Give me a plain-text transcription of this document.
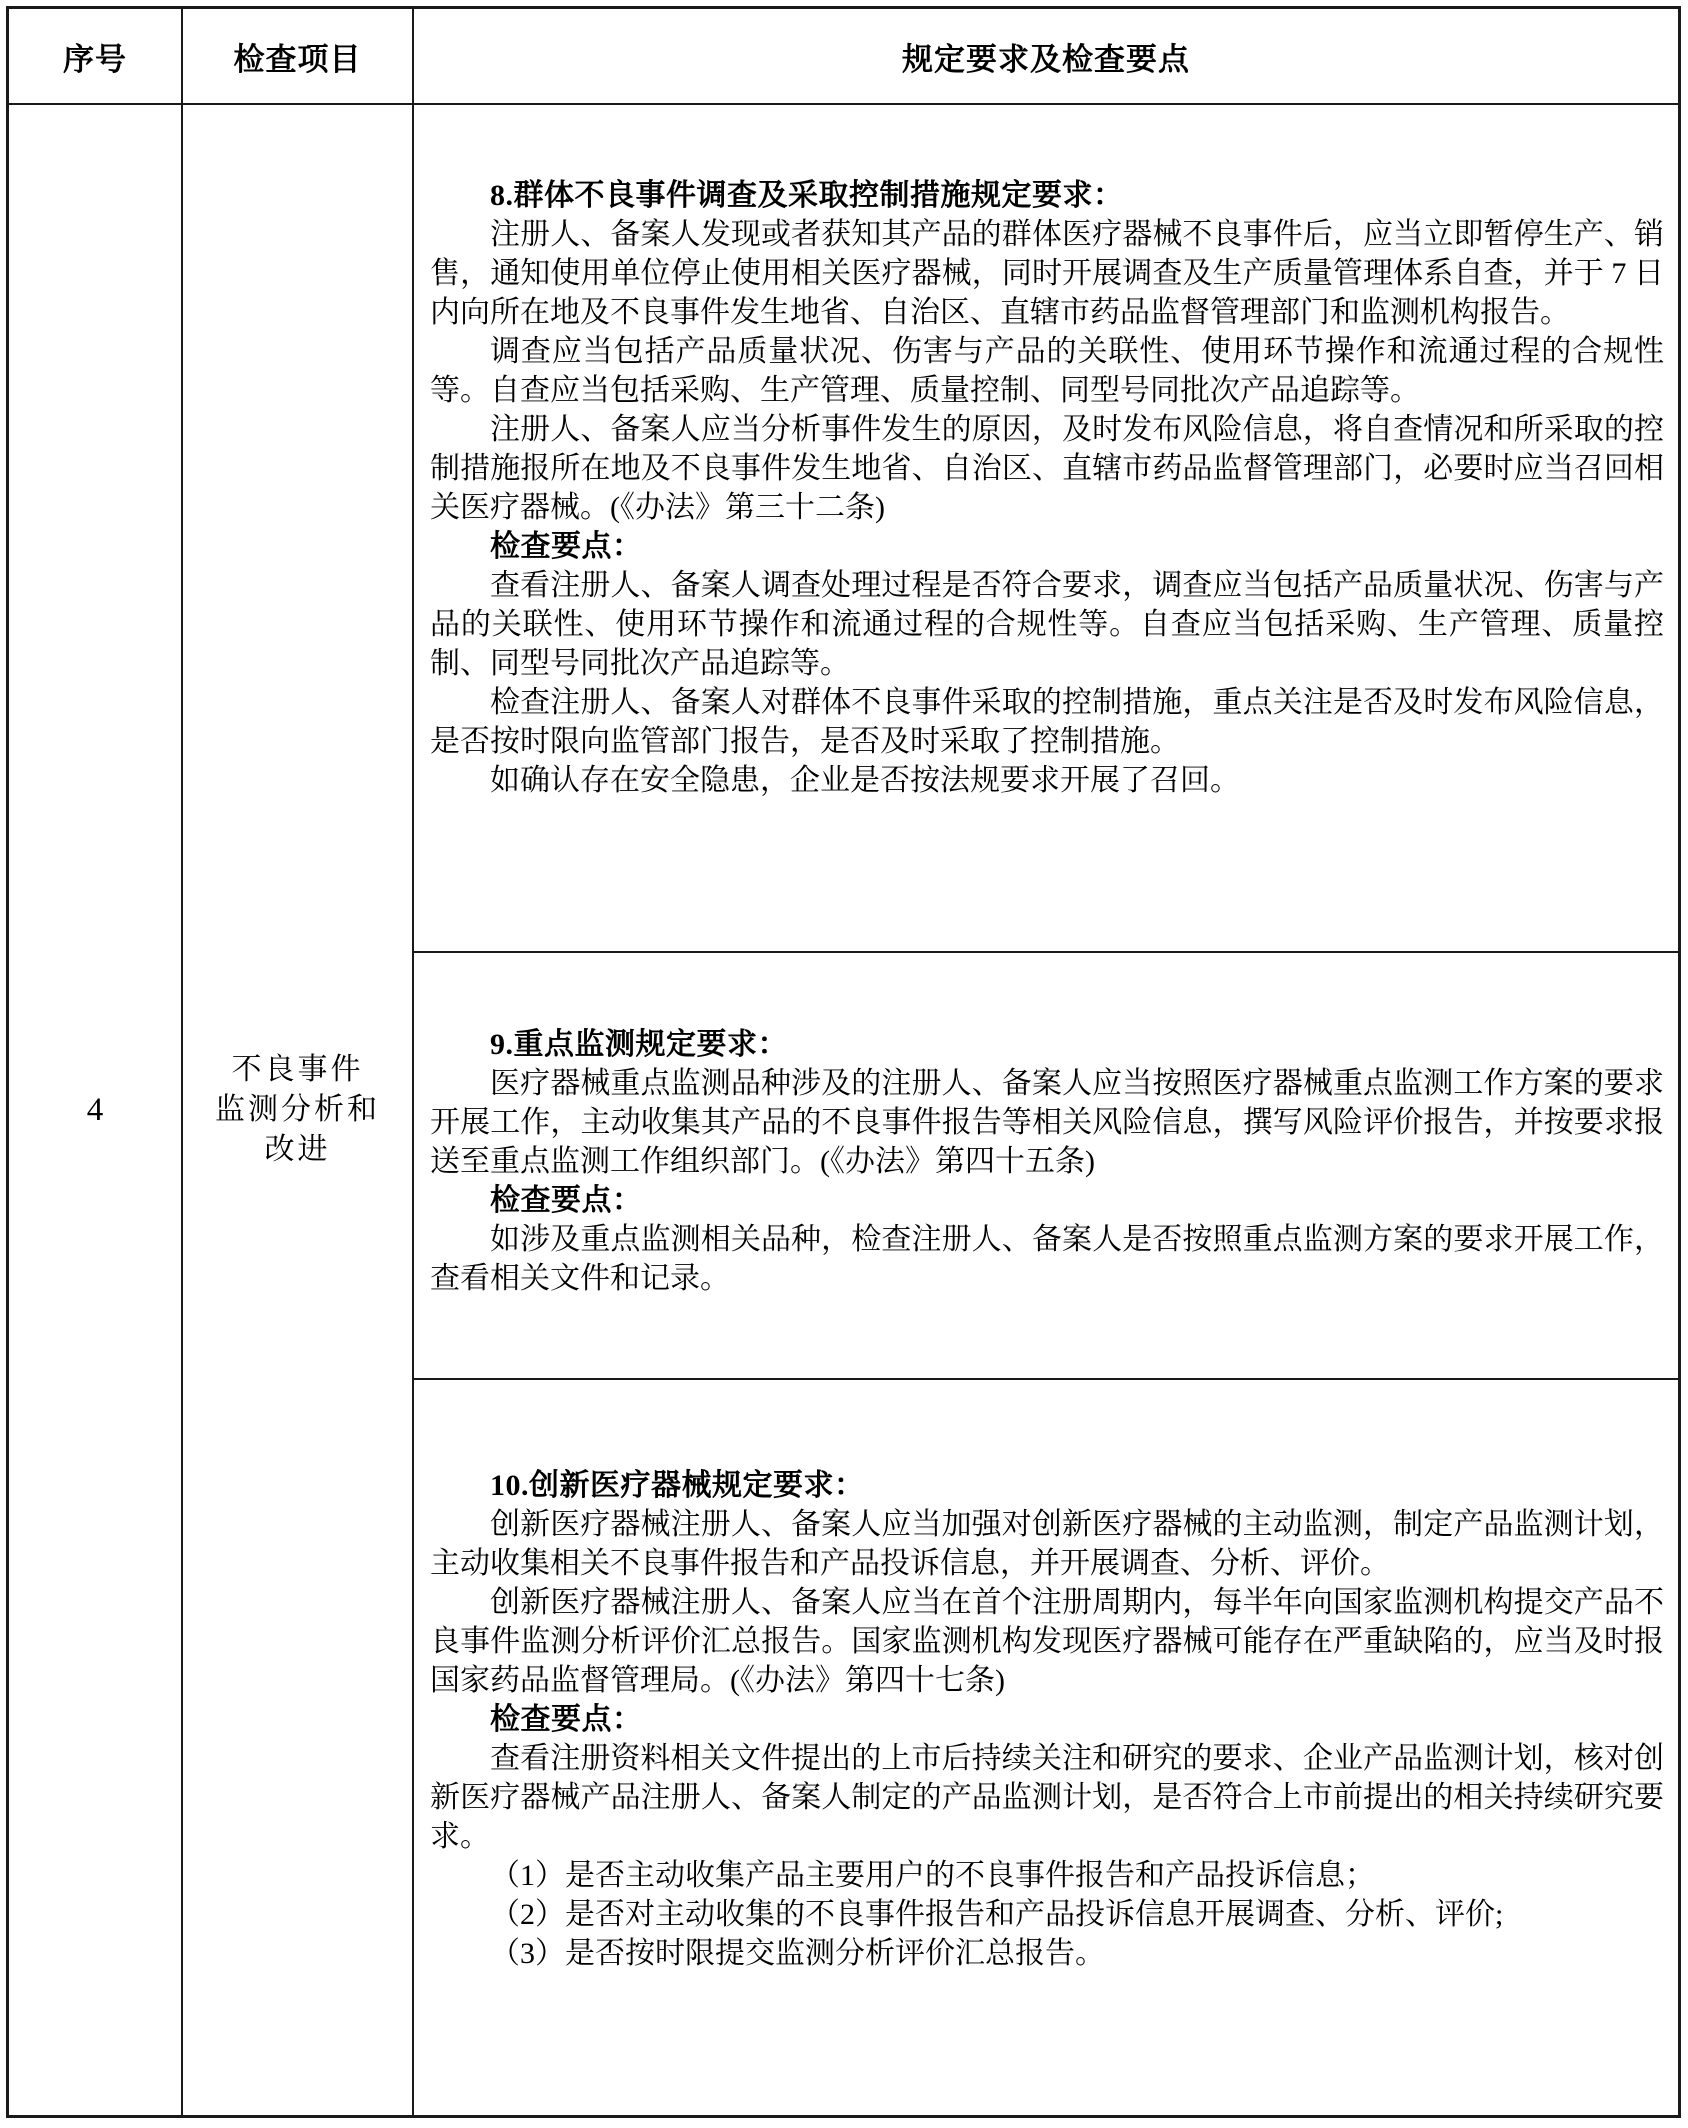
序号	检查项目	规定要求及检查要点
4
不良事件
监测分析和
改进
8.群体不良事件调查及采取控制措施规定要求：
注册人、备案人发现或者获知其产品的群体医疗器械不良事件后，应当立即暂停生产、销售，通知使用单位停止使用相关医疗器械，同时开展调查及生产质量管理体系自查，并于 7 日内向所在地及不良事件发生地省、自治区、直辖市药品监督管理部门和监测机构报告。
调查应当包括产品质量状况、伤害与产品的关联性、使用环节操作和流通过程的合规性等。自查应当包括采购、生产管理、质量控制、同型号同批次产品追踪等。
注册人、备案人应当分析事件发生的原因，及时发布风险信息，将自查情况和所采取的控制措施报所在地及不良事件发生地省、自治区、直辖市药品监督管理部门，必要时应当召回相关医疗器械。(《办法》第三十二条)
检查要点：
查看注册人、备案人调查处理过程是否符合要求，调查应当包括产品质量状况、伤害与产品的关联性、使用环节操作和流通过程的合规性等。自查应当包括采购、生产管理、质量控制、同型号同批次产品追踪等。
检查注册人、备案人对群体不良事件采取的控制措施，重点关注是否及时发布风险信息，是否按时限向监管部门报告，是否及时采取了控制措施。
如确认存在安全隐患，企业是否按法规要求开展了召回。
9.重点监测规定要求：
医疗器械重点监测品种涉及的注册人、备案人应当按照医疗器械重点监测工作方案的要求开展工作，主动收集其产品的不良事件报告等相关风险信息，撰写风险评价报告，并按要求报送至重点监测工作组织部门。(《办法》第四十五条)
检查要点：
如涉及重点监测相关品种，检查注册人、备案人是否按照重点监测方案的要求开展工作，查看相关文件和记录。
10.创新医疗器械规定要求：
创新医疗器械注册人、备案人应当加强对创新医疗器械的主动监测，制定产品监测计划，主动收集相关不良事件报告和产品投诉信息，并开展调查、分析、评价。
创新医疗器械注册人、备案人应当在首个注册周期内，每半年向国家监测机构提交产品不良事件监测分析评价汇总报告。国家监测机构发现医疗器械可能存在严重缺陷的，应当及时报国家药品监督管理局。(《办法》第四十七条)
检查要点：
查看注册资料相关文件提出的上市后持续关注和研究的要求、企业产品监测计划，核对创新医疗器械产品注册人、备案人制定的产品监测计划，是否符合上市前提出的相关持续研究要求。
（1）是否主动收集产品主要用户的不良事件报告和产品投诉信息；
（2）是否对主动收集的不良事件报告和产品投诉信息开展调查、分析、评价;
（3）是否按时限提交监测分析评价汇总报告。
